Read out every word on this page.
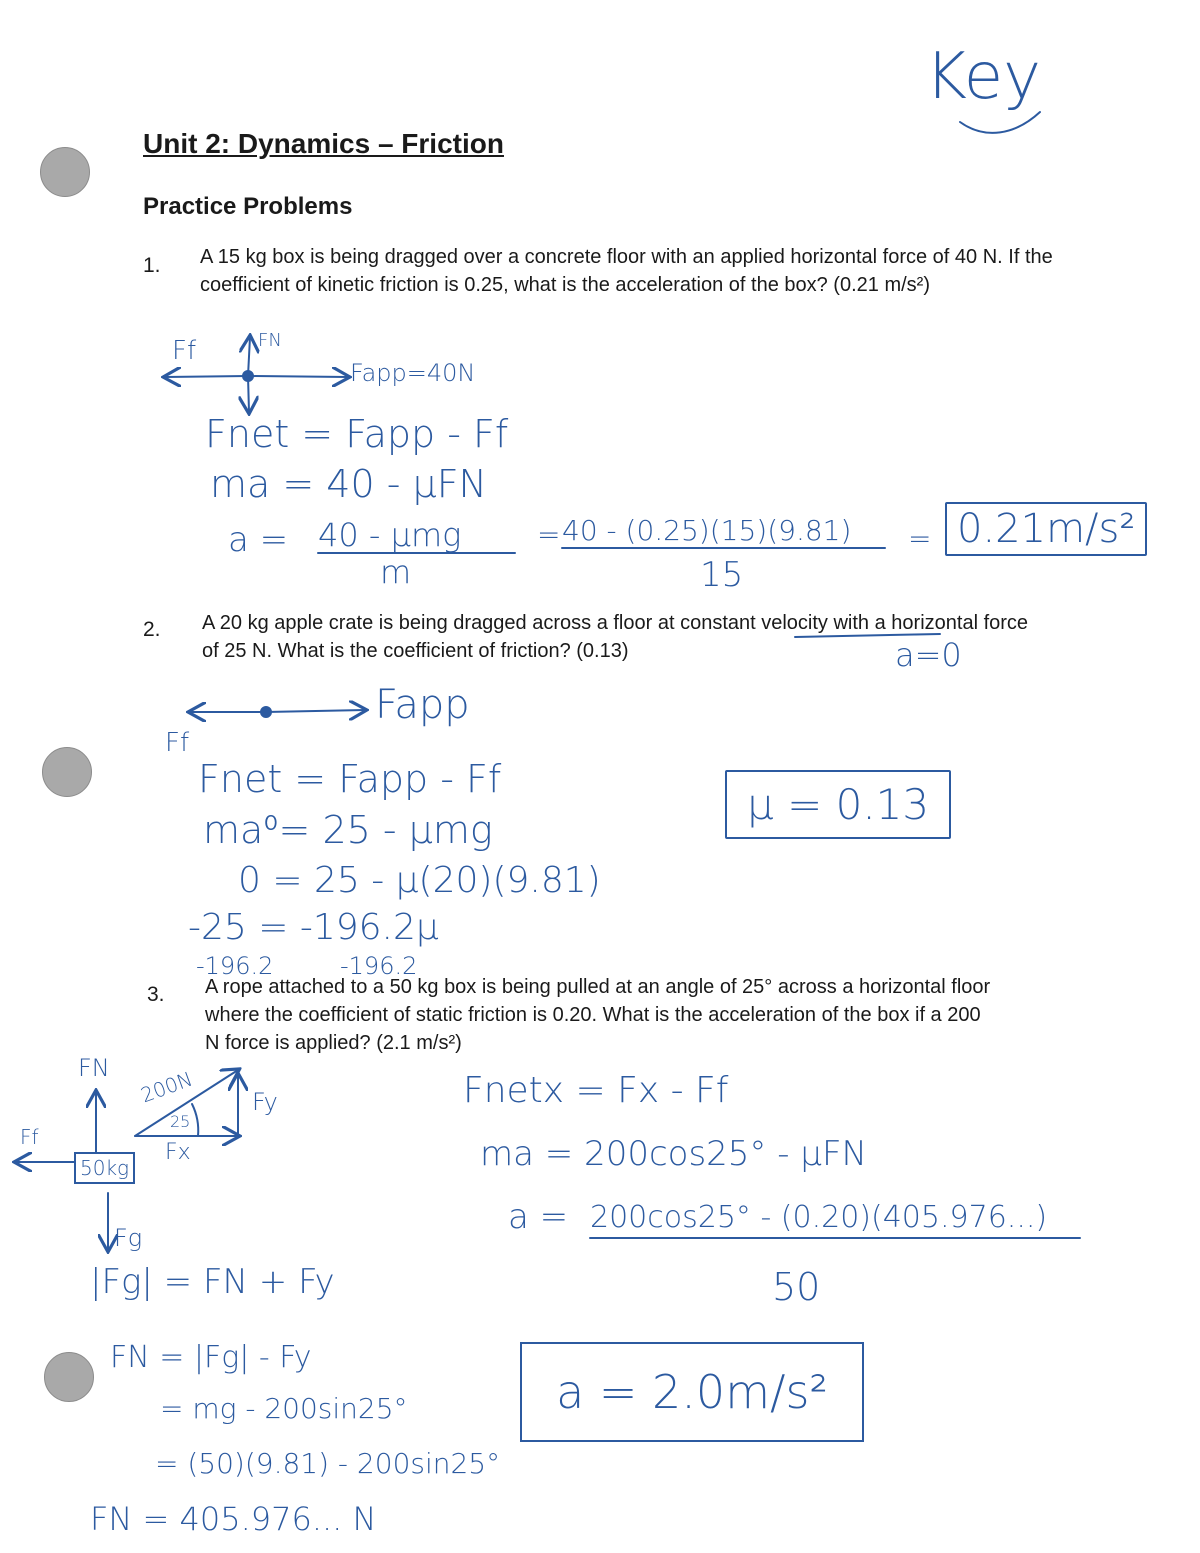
Key
Unit 2: Dynamics – Friction
Practice Problems
1. A 15 kg box is being dragged over a concrete floor with an applied horizontal force of 40 N. If the coefficient of kinetic friction is 0.25, what is the acceleration of the box? (0.21 m/s²)
Ff	FN
Fapp=40N
Fnet = Fapp - Ff
ma = 40 - μFN
a = 40 - μmg
m
= 40 - (0.25)(15)(9.81)
15
= 0.21m/s²
2. A 20 kg apple crate is being dragged across a floor at constant velocity with a horizontal force of 25 N. What is the coefficient of friction? (0.13)	a=0
Fapp
Ff
Fnet = Fapp - Ff
ma⁰= 25 - μmg
0 = 25 - μ(20)(9.81)
-25 = -196.2μ
-196.2	-196.2
μ = 0.13
3. A rope attached to a 50 kg box is being pulled at an angle of 25° across a horizontal floor where the coefficient of static friction is 0.20. What is the acceleration of the box if a 200 N force is applied? (2.1 m/s²)
FN
Ff
200N
25
Fy
Fx
50kg
Fg
Fnetx = Fx - Ff
ma = 200cos25° - μFN
a = 200cos25° - (0.20)(405.976...)
50
a = 2.0m/s²
|Fg| = FN + Fy
FN = |Fg| - Fy
= mg - 200sin25°
= (50)(9.81) - 200sin25°
FN = 405.976... N
